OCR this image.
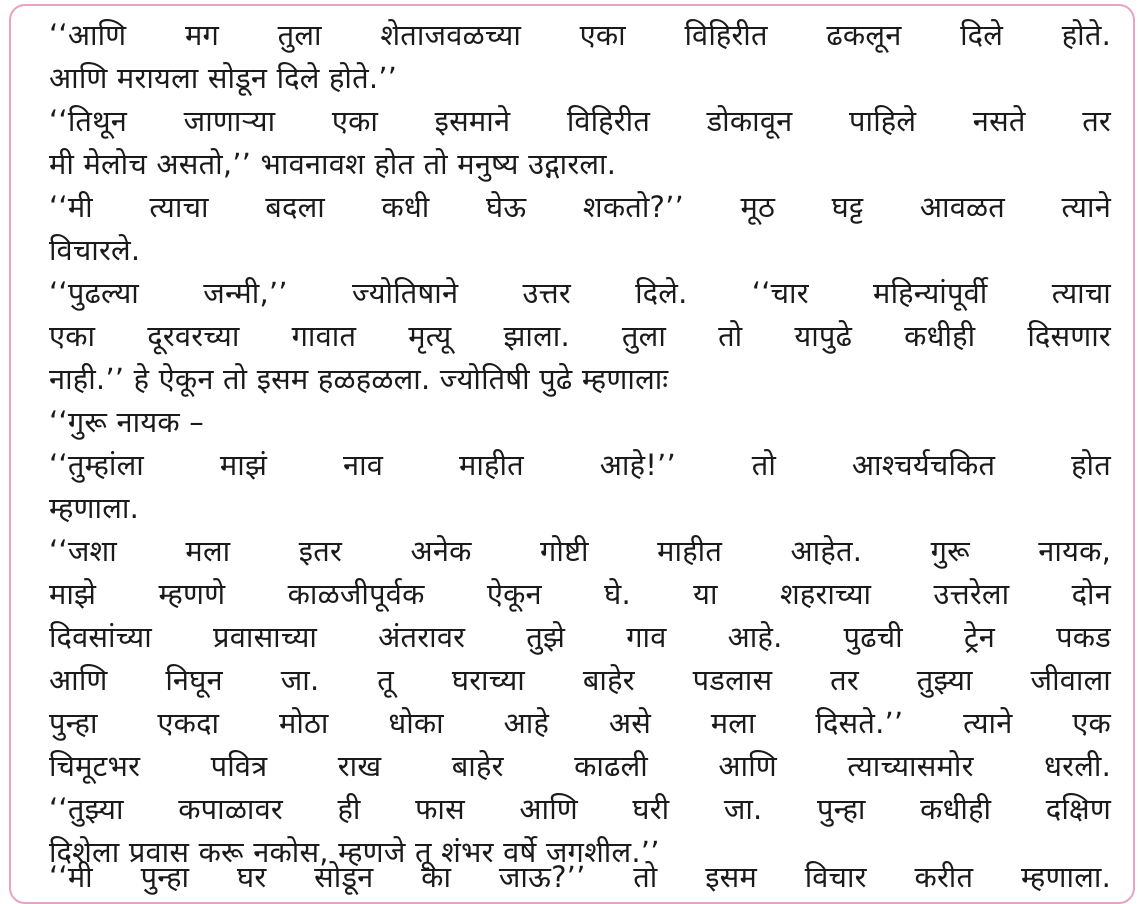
‘‘आणि मग तुला शेताजवळच्या एका विहिरीत ढकलून दिले होते.
आणि मरायला सोडून दिले होते.’’
‘‘तिथून जाणाऱ्या एका इसमाने विहिरीत डोकावून पाहिले नसते तर
मी मेलोच असतो,’’ भावनावश होत तो मनुष्य उद्गारला.
‘‘मी त्याचा बदला कधी घेऊ शकतो?’’ मूठ घट्ट आवळत त्याने
विचारले.
‘‘पुढल्या जन्मी,’’ ज्योतिषाने उत्तर दिले. ‘‘चार महिन्यांपूर्वी त्याचा
एका दूरवरच्या गावात मृत्यू झाला. तुला तो यापुढे कधीही दिसणार
नाही.’’ हे ऐकून तो इसम हळहळला. ज्योतिषी पुढे म्हणालाः
‘‘गुरू नायक –
‘‘तुम्हांला माझं नाव माहीत आहे!’’ तो आश्चर्यचकित होत
म्हणाला.
‘‘जशा मला इतर अनेक गोष्टी माहीत आहेत. गुरू नायक,
माझे म्हणणे काळजीपूर्वक ऐकून घे. या शहराच्या उत्तरेला दोन
दिवसांच्या प्रवासाच्या अंतरावर तुझे गाव आहे. पुढची ट्रेन पकड
आणि निघून जा. तू घराच्या बाहेर पडलास तर तुझ्या जीवाला
पुन्हा एकदा मोठा धोका आहे असे मला दिसते.’’ त्याने एक
चिमूटभर पवित्र राख बाहेर काढली आणि त्याच्यासमोर धरली.
‘‘तुझ्या कपाळावर ही फास आणि घरी जा. पुन्हा कधीही दक्षिण
दिशेला प्रवास करू नकोस, म्हणजे तू शंभर वर्षे जगशील.’’
‘‘मी पुन्हा घर सोडून का जाऊ?’’ तो इसम विचार करीत म्हणाला.
